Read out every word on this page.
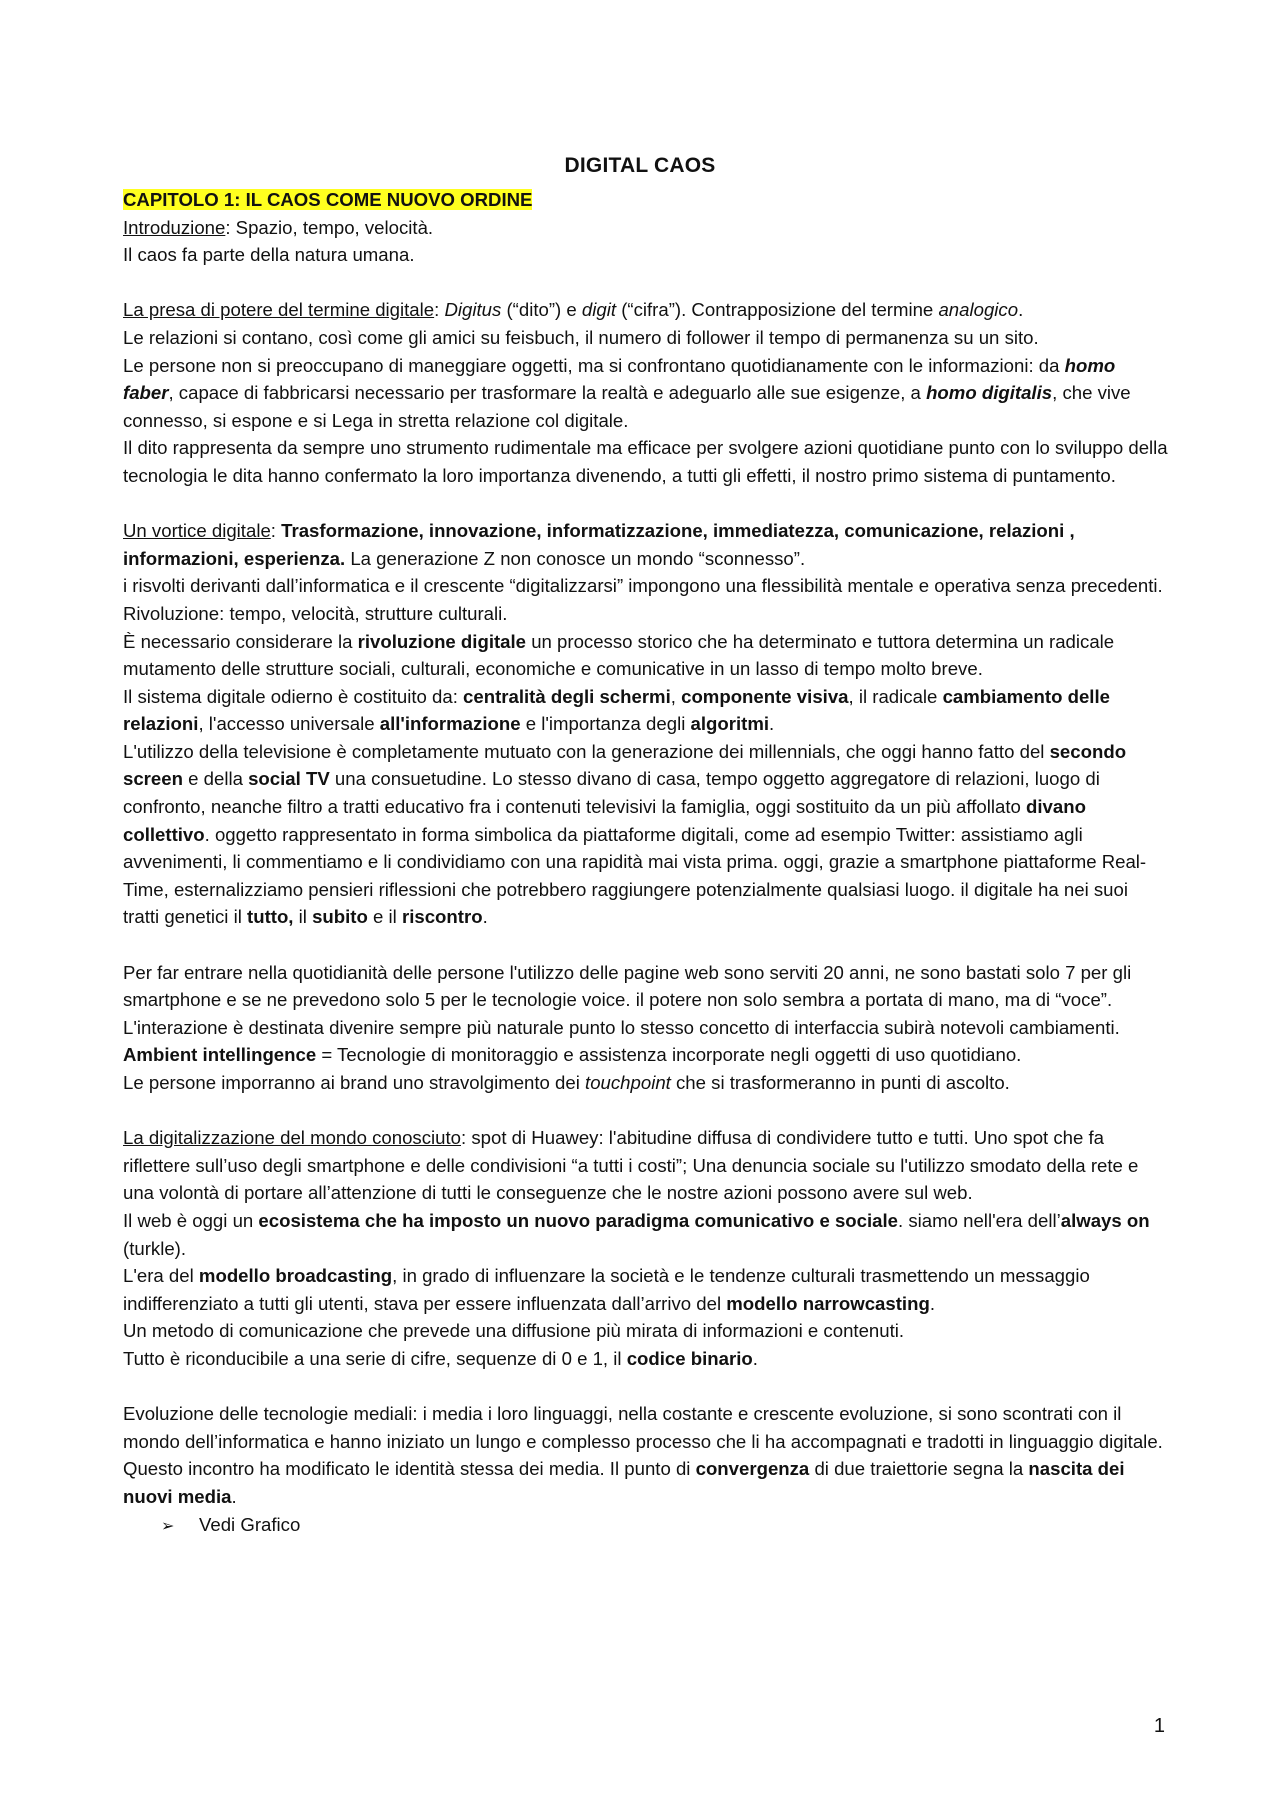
DIGITAL CAOS

CAPITOLO 1: IL CAOS COME NUOVO ORDINE

Introduzione: Spazio, tempo, velocità.

Il caos fa parte della natura umana.

La presa di potere del termine digitale: Digitus (“dito”) e digit (“cifra”). Contrapposizione del termine analogico.

Le relazioni si contano, così come gli amici su feisbuch, il numero di follower il tempo di permanenza su un sito.

Le persone non si preoccupano di maneggiare oggetti, ma si confrontano quotidianamente con le informazioni: da homo faber, capace di fabbricarsi necessario per trasformare la realtà e adeguarlo alle sue esigenze, a homo digitalis, che vive connesso, si espone e si Lega in stretta relazione col digitale.

Il dito rappresenta da sempre uno strumento rudimentale ma efficace per svolgere azioni quotidiane punto con lo sviluppo della tecnologia le dita hanno confermato la loro importanza divenendo, a tutti gli effetti, il nostro primo sistema di puntamento.

Un vortice digitale: Trasformazione, innovazione, informatizzazione, immediatezza, comunicazione, relazioni , informazioni, esperienza. La generazione Z non conosce un mondo “sconnesso”.

i risvolti derivanti dall’informatica e il crescente “digitalizzarsi” impongono una flessibilità mentale e operativa senza precedenti.

Rivoluzione: tempo, velocità, strutture culturali.

È necessario considerare la rivoluzione digitale un processo storico che ha determinato e tuttora determina un radicale mutamento delle strutture sociali, culturali, economiche e comunicative in un lasso di tempo molto breve.

Il sistema digitale odierno è costituito da: centralità degli schermi, componente visiva, il radicale cambiamento delle relazioni, l'accesso universale all'informazione e l'importanza degli algoritmi.

L'utilizzo della televisione è completamente mutuato con la generazione dei millennials, che oggi hanno fatto del secondo screen e della social TV una consuetudine. Lo stesso divano di casa, tempo oggetto aggregatore di relazioni, luogo di confronto, neanche filtro a tratti educativo fra i contenuti televisivi la famiglia, oggi sostituito da un più affollato divano collettivo. oggetto rappresentato in forma simbolica da piattaforme digitali, come ad esempio Twitter: assistiamo agli avvenimenti, li commentiamo e li condividiamo con una rapidità mai vista prima. oggi, grazie a smartphone piattaforme Real-Time, esternalizziamo pensieri riflessioni che potrebbero raggiungere potenzialmente qualsiasi luogo. il digitale ha nei suoi tratti genetici il tutto, il subito e il riscontro.

Per far entrare nella quotidianità delle persone l'utilizzo delle pagine web sono serviti 20 anni, ne sono bastati solo 7 per gli smartphone e se ne prevedono solo 5 per le tecnologie voice. il potere non solo sembra a portata di mano, ma di “voce”. L'interazione è destinata divenire sempre più naturale punto lo stesso concetto di interfaccia subirà notevoli cambiamenti.

Ambient intellingence = Tecnologie di monitoraggio e assistenza incorporate negli oggetti di uso quotidiano.

Le persone imporranno ai brand uno stravolgimento dei touchpoint che si trasformeranno in punti di ascolto.

La digitalizzazione del mondo conosciuto: spot di Huawey: l'abitudine diffusa di condividere tutto e tutti. Uno spot che fa riflettere sull’uso degli smartphone e delle condivisioni “a tutti i costi”; Una denuncia sociale su l'utilizzo smodato della rete e una volontà di portare all’attenzione di tutti le conseguenze che le nostre azioni possono avere sul web.

Il web è oggi un ecosistema che ha imposto un nuovo paradigma comunicativo e sociale. siamo nell'era dell’always on (turkle).

L'era del modello broadcasting, in grado di influenzare la società e le tendenze culturali trasmettendo un messaggio indifferenziato a tutti gli utenti, stava per essere influenzata dall’arrivo del modello narrowcasting.

Un metodo di comunicazione che prevede una diffusione più mirata di informazioni e contenuti.

Tutto è riconducibile a una serie di cifre, sequenze di 0 e 1, il codice binario.

Evoluzione delle tecnologie mediali: i media i loro linguaggi, nella costante e crescente evoluzione, si sono scontrati con il mondo dell’informatica e hanno iniziato un lungo e complesso processo che li ha accompagnati e tradotti in linguaggio digitale. Questo incontro ha modificato le identità stessa dei media. Il punto di convergenza di due traiettorie segna la nascita dei nuovi media.

➢ Vedi Grafico

1
